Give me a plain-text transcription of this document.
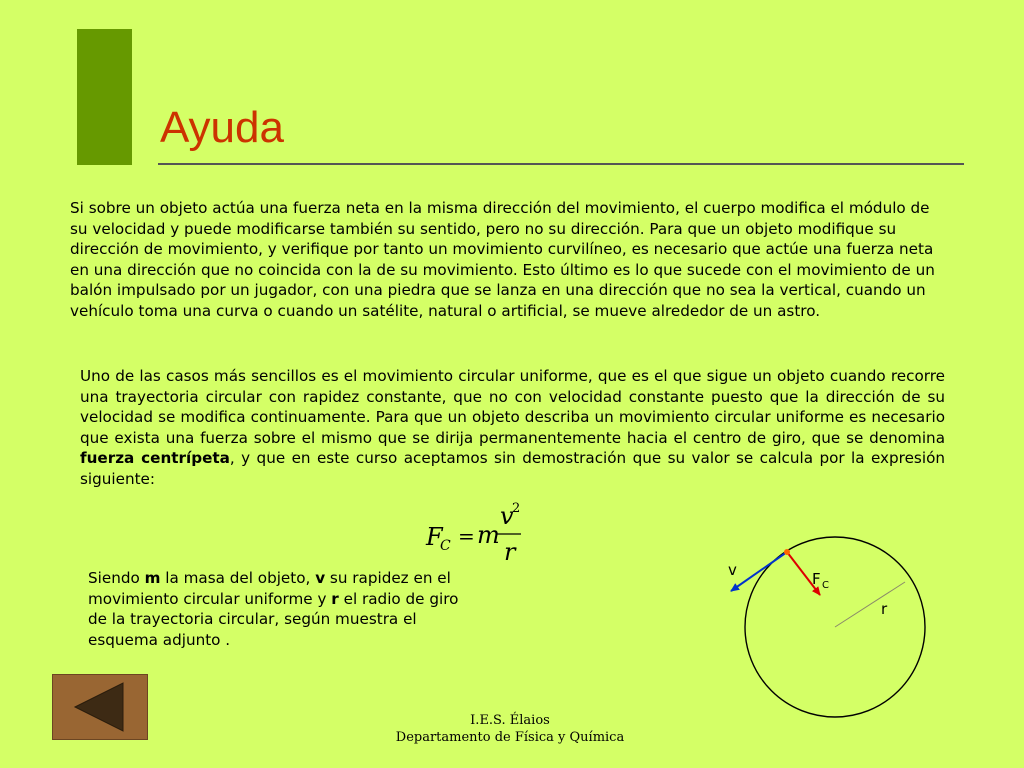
Ayuda

Si sobre un objeto actúa una fuerza neta en la misma dirección del movimiento, el cuerpo modifica el módulo de su velocidad y puede modificarse también su sentido, pero no su dirección. Para que un objeto modifique su dirección de movimiento, y verifique por tanto un movimiento curvilíneo, es necesario que actúe una fuerza neta en una dirección que no coincida con la de su movimiento. Esto último es lo que sucede con el movimiento de un balón impulsado por un jugador, con una piedra que se lanza en una dirección que no sea la vertical, cuando un vehículo toma una curva o cuando un satélite, natural o artificial, se mueve alrededor de un astro.

Uno de las casos más sencillos es el movimiento circular uniforme, que es el que sigue un objeto cuando recorre una trayectoria circular con rapidez constante, que no con velocidad constante puesto que la dirección de su velocidad se modifica continuamente. Para que un objeto describa un movimiento circular uniforme es necesario que exista una fuerza sobre el mismo que se dirija permanentemente hacia el centro de giro, que se denomina fuerza centrípeta, y que en este curso aceptamos sin demostración que su valor se calcula por la expresión siguiente:

F
C = m
v
2
r

Siendo m la masa del objeto, v su rapidez en el movimiento circular uniforme y r el radio de giro de la trayectoria circular, según muestra el esquema adjunto .

v	F C
r
I.E.S. Élaios
Departamento de Física y Química
